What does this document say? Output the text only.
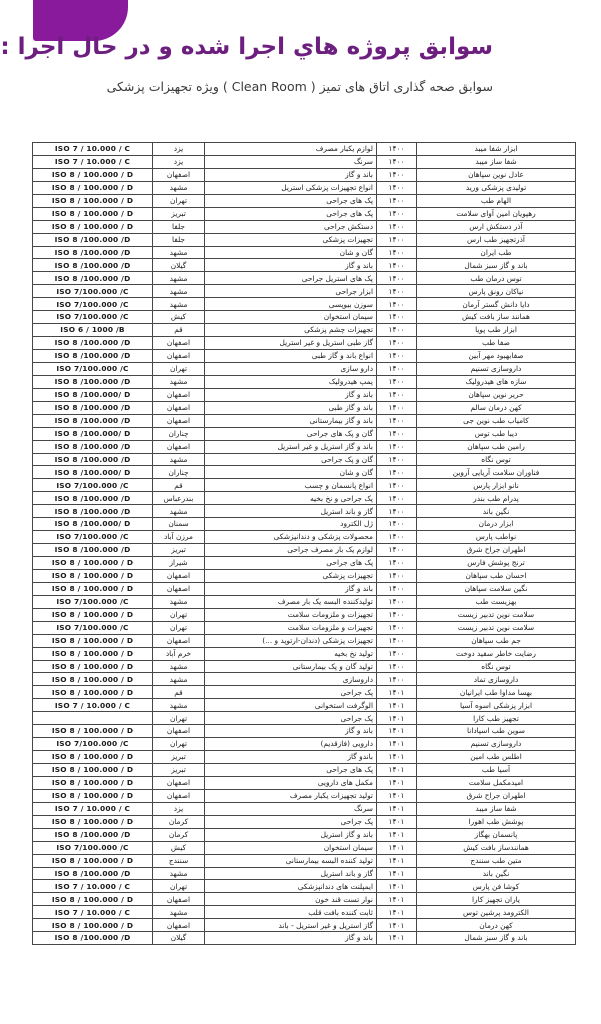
سوابق پروژه هاي اجرا شده و در حال اجرا :

سوابق صحه گذاری اتاق های تمیز ( Clean Room ) ویژه تجهیزات پزشکی

ابزار شفا میبد	۱۴۰۰	لوازم یکبار مصرف	یزد	ISO 7 / 10.000 / C
شفا ساز میبد	۱۴۰۰	سرنگ	یزد	ISO 7 / 10.000 / C
عادل نوین سپاهان	۱۴۰۰	باند و گاز	اصفهان	ISO 8 / 100.000 / D
تولیدی پزشکی ورید	۱۴۰۰	انواع تجهیزات پزشکی استریل	مشهد	ISO 8 / 100.000 / D
الهام طب	۱۴۰۰	پک های جراحی	تهران	ISO 8 / 100.000 / D
رهپویان امین آوای سلامت	۱۴۰۰	پک های جراحی	تبریز	ISO 8 / 100.000 / D
آذر دستکش ارس	۱۴۰۰	دستکش جراحی	جلفا	ISO 8 / 100.000 / D
آذرتجهیز طب ارس	۱۴۰۰	تجهیزات پزشکی	جلفا	ISO 8 /100.000 /D
طب ایران	۱۴۰۰	گان و شان	مشهد	ISO 8 /100.000 /D
باند و گاز سبز شمال	۱۴۰۰	باند و گاز	گیلان	ISO 8 /100.000 /D
توس درمان طب	۱۴۰۰	پک های استریل جراحی	مشهد	ISO 8 /100.000 /D
نیاکان رونق پارس	۱۴۰۰	ابزار جراحی	مشهد	ISO 7/100.000 /C
دایا دانش گستر آرمان	۱۴۰۰	سوزن بیوپسی	مشهد	ISO 7/100.000 /C
همانند ساز بافت کیش	۱۴۰۰	سیمان استخوان	کیش	ISO 7/100.000 /C
ابزار طب پویا	۱۴۰۰	تجهیزات چشم پزشکی	قم	ISO 6 / 1000 /B
صفا طب	۱۴۰۰	گاز طبی استریل و غیر استریل	اصفهان	ISO 8 /100.000 /D
صفابهبود مهر آبین	۱۴۰۰	انواع باند و گاز طبی	اصفهان	ISO 8 /100.000 /D
داروسازی تسنیم	۱۴۰۰	دارو سازی	تهران	ISO 7/100.000 /C
سازه های هیدرولیک	۱۴۰۰	پمپ هیدرولیک	مشهد	ISO 8 /100.000 /D
حریر نوین سپاهان	۱۴۰۰	باند و گاز	اصفهان	ISO 8 /100.000/ D
کهن درمان سالم	۱۴۰۰	باند و گاز طبی	اصفهان	ISO 8 /100.000 /D
کامیاب طب نوین جی	۱۴۰۰	باند و گاز بیمارستانی	اصفهان	ISO 8 /100.000 /D
دیبا طب توس	۱۴۰۰	گان و پک های جراحی	چناران	ISO 8 /100.000/ D
رامین طب سپاهان	۱۴۰۰	باند و گاز استریل و غیر استریل	اصفهان	ISO 8 /100.000 /D
توس نگاه	۱۴۰۰	گان و پک جراحی	مشهد	ISO 8 /100.000 /D
فناوران سلامت آریایی آروین	۱۴۰۰	گان و شان	چناران	ISO 8 /100.000/ D
نانو ابزار پارس	۱۴۰۰	انواع پانسمان و چسب	قم	ISO 7/100.000 /C
پدرام طب بندر	۱۴۰۰	پک جراحی و نخ بخیه	بندرعباس	ISO 8 /100.000 /D
نگین باند	۱۴۰۰	گاز و باند استریل	مشهد	ISO 8 /100.000 /D
ابزار درمان	۱۴۰۰	ژل الکترود	سمنان	ISO 8 /100.000/ D
نواطب پارس	۱۴۰۰	محصولات پزشکی و دندانپزشکی	مرزن آباد	ISO 7/100.000 /C
اطهران جراح شرق	۱۴۰۰	لوازم یک بار مصرف جراحی	تبریز	ISO 8 /100.000 /D
ترنج پوشش فارس	۱۴۰۰	پک های جراحی	شیراز	ISO 8 / 100.000 / D
احسان طب سپاهان	۱۴۰۰	تجهیزات پزشکی	اصفهان	ISO 8 / 100.000 / D
نگین سلامت سپاهان	۱۴۰۰	باند و گاز	اصفهان	ISO 8 / 100.000 / D
بهزیست طب	۱۴۰۰	تولیدکننده البسه یک بار مصرف	مشهد	ISO 7/100.000 /C
سلامت نوین تدبیر زیست	۱۴۰۰	تجهیزات و ملزومات سلامت	تهران	ISO 8 / 100.000 / D
سلامت نوین تدبیر زیست	۱۴۰۰	تجهیزات و ملزومات سلامت	تهران	ISO 7/100.000 /C
جم طب سپاهان	۱۴۰۰	تجهیزات پزشکی (دندان-ارتوپد و ...)	اصفهان	ISO 8 / 100.000 / D
رضایت خاطر سفید دوخت	۱۴۰۰	تولید نخ بخیه	خرم آباد	ISO 8 / 100.000 / D
توس نگاه	۱۴۰۰	تولید گان و پک بیمارستانی	مشهد	ISO 8 / 100.000 / D
داروسازی تماد	۱۴۰۰	داروسازی	مشهد	ISO 8 / 100.000 / D
بهسا مداوا طب ایرانیان	۱۴۰۱	پک جراحی	قم	ISO 8 / 100.000 / D
ابزار پزشکی اسوه آسیا	۱۴۰۱	الوگرفت استخوانی	مشهد	ISO 7 / 10.000 / C
تجهیز طب کارا	۱۴۰۱	پک جراحی	تهران	
سوین طب اسپادانا	۱۴۰۱	باند و گاز	اصفهان	ISO 8 / 100.000 / D
داروسازی تسنیم	۱۴۰۱	دارویی (فازقدیم)	تهران	ISO 7/100.000 /C
اطلس طب امین	۱۴۰۱	باندو گاز	تبریز	ISO 8 / 100.000 / D
آسیا طب	۱۴۰۱	پک های جراحی	تبریز	ISO 8 / 100.000 / D
امیدمکمل سلامت	۱۴۰۱	مکمل های دارویی	اصفهان	ISO 8 / 100.000 / D
اطهران جراح شرق	۱۴۰۱	تولید تجهیزات یکبار مصرف	اصفهان	ISO 8 / 100.000 / D
شفا ساز میبد	۱۴۰۱	سرنگ	یزد	ISO 7 / 10.000 / C
پوشش طب اهورا	۱۴۰۱	پک جراحی	کرمان	ISO 8 / 100.000 / D
پانسمان بهگاز	۱۴۰۱	باند و گاز استریل	کرمان	ISO 8 /100.000 /D
همانندساز بافت کیش	۱۴۰۱	سیمان استخوان	کیش	ISO 7/100.000 /C
متین طب سنندج	۱۴۰۱	تولید کننده البسه بیمارستانی	سنندج	ISO 8 / 100.000 / D
نگین باند	۱۴۰۱	گاز و باند استریل	مشهد	ISO 8 /100.000 /D
کوشا فن پارس	۱۴۰۱	ایمپلنت های دندانپزشکی	تهران	ISO 7 / 10.000 / C
یاران تجهیز کارا	۱۴۰۱	نوار تست قند خون	اصفهان	ISO 8 / 100.000 / D
الکترومد پرشین توس	۱۴۰۱	ثابت کننده بافت قلب	مشهد	ISO 7 / 10.000 / C
کهن درمان	۱۴۰۱	گاز استریل و غیر استریل - باند	اصفهان	ISO 8 / 100.000 / D
باند و گاز سبز شمال	۱۴۰۱	باند و گاز	گیلان	ISO 8 /100.000 /D
